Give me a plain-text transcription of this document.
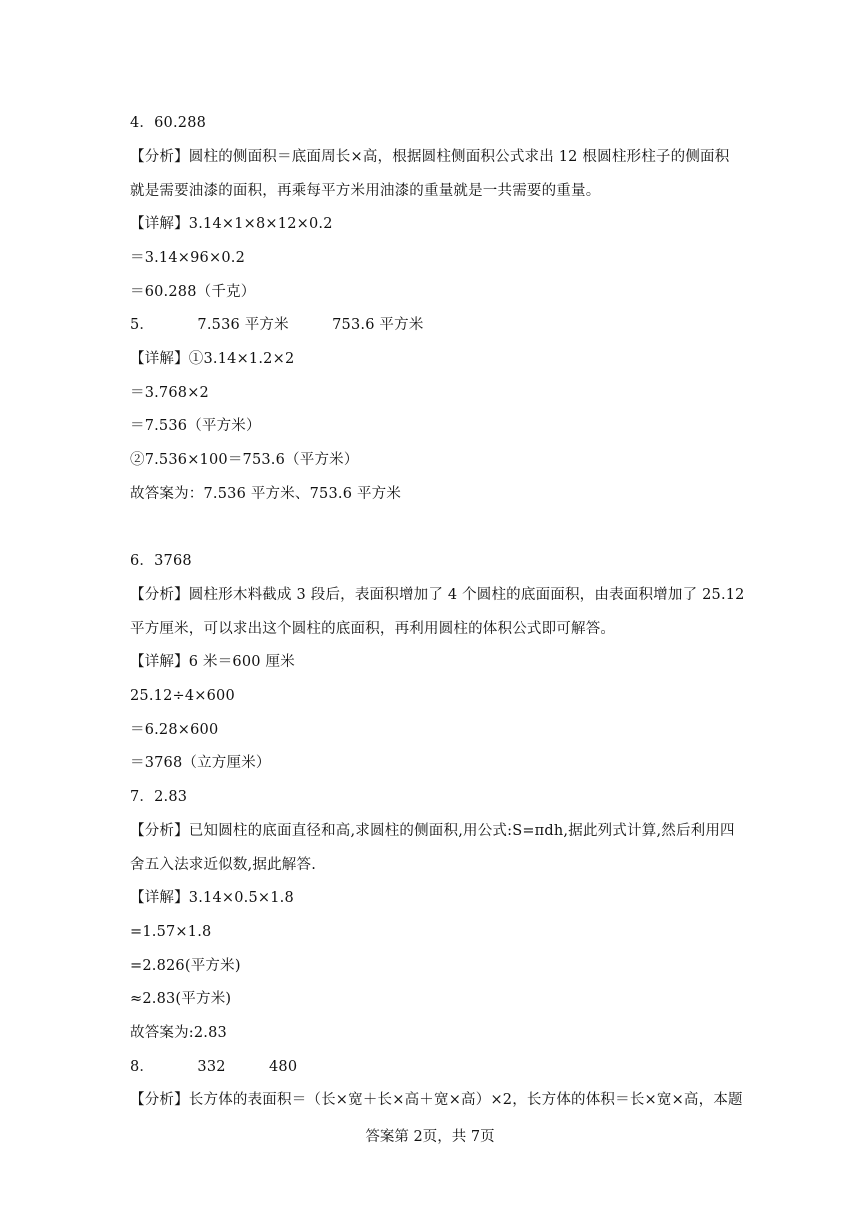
4．60.288
【分析】圆柱的侧面积＝底面周长×高，根据圆柱侧面积公式求出 12 根圆柱形柱子的侧面积
就是需要油漆的面积，再乘每平方米用油漆的重量就是一共需要的重量。
【详解】3.14×1×8×12×0.2
＝3.14×96×0.2
＝60.288（千克）
5．         7.536 平方米         753.6 平方米
【详解】①3.14×1.2×2
＝3.768×2
＝7.536（平方米）
②7.536×100＝753.6（平方米）
故答案为：7.536 平方米、753.6 平方米
6．3768
【分析】圆柱形木料截成 3 段后，表面积增加了 4 个圆柱的底面面积，由表面积增加了 25.12
平方厘米，可以求出这个圆柱的底面积，再利用圆柱的体积公式即可解答。
【详解】6 米＝600 厘米
25.12÷4×600
＝6.28×600
＝3768（立方厘米）
7．2.83
【分析】已知圆柱的底面直径和高,求圆柱的侧面积,用公式:S=πdh,据此列式计算,然后利用四
舍五入法求近似数,据此解答.
【详解】3.14×0.5×1.8
=1.57×1.8
=2.826(平方米)
≈2.83(平方米)
故答案为:2.83
8．         332         480
【分析】长方体的表面积＝（长×宽＋长×高＋宽×高）×2，长方体的体积＝长×宽×高，本题
答案第 2页，共 7页
